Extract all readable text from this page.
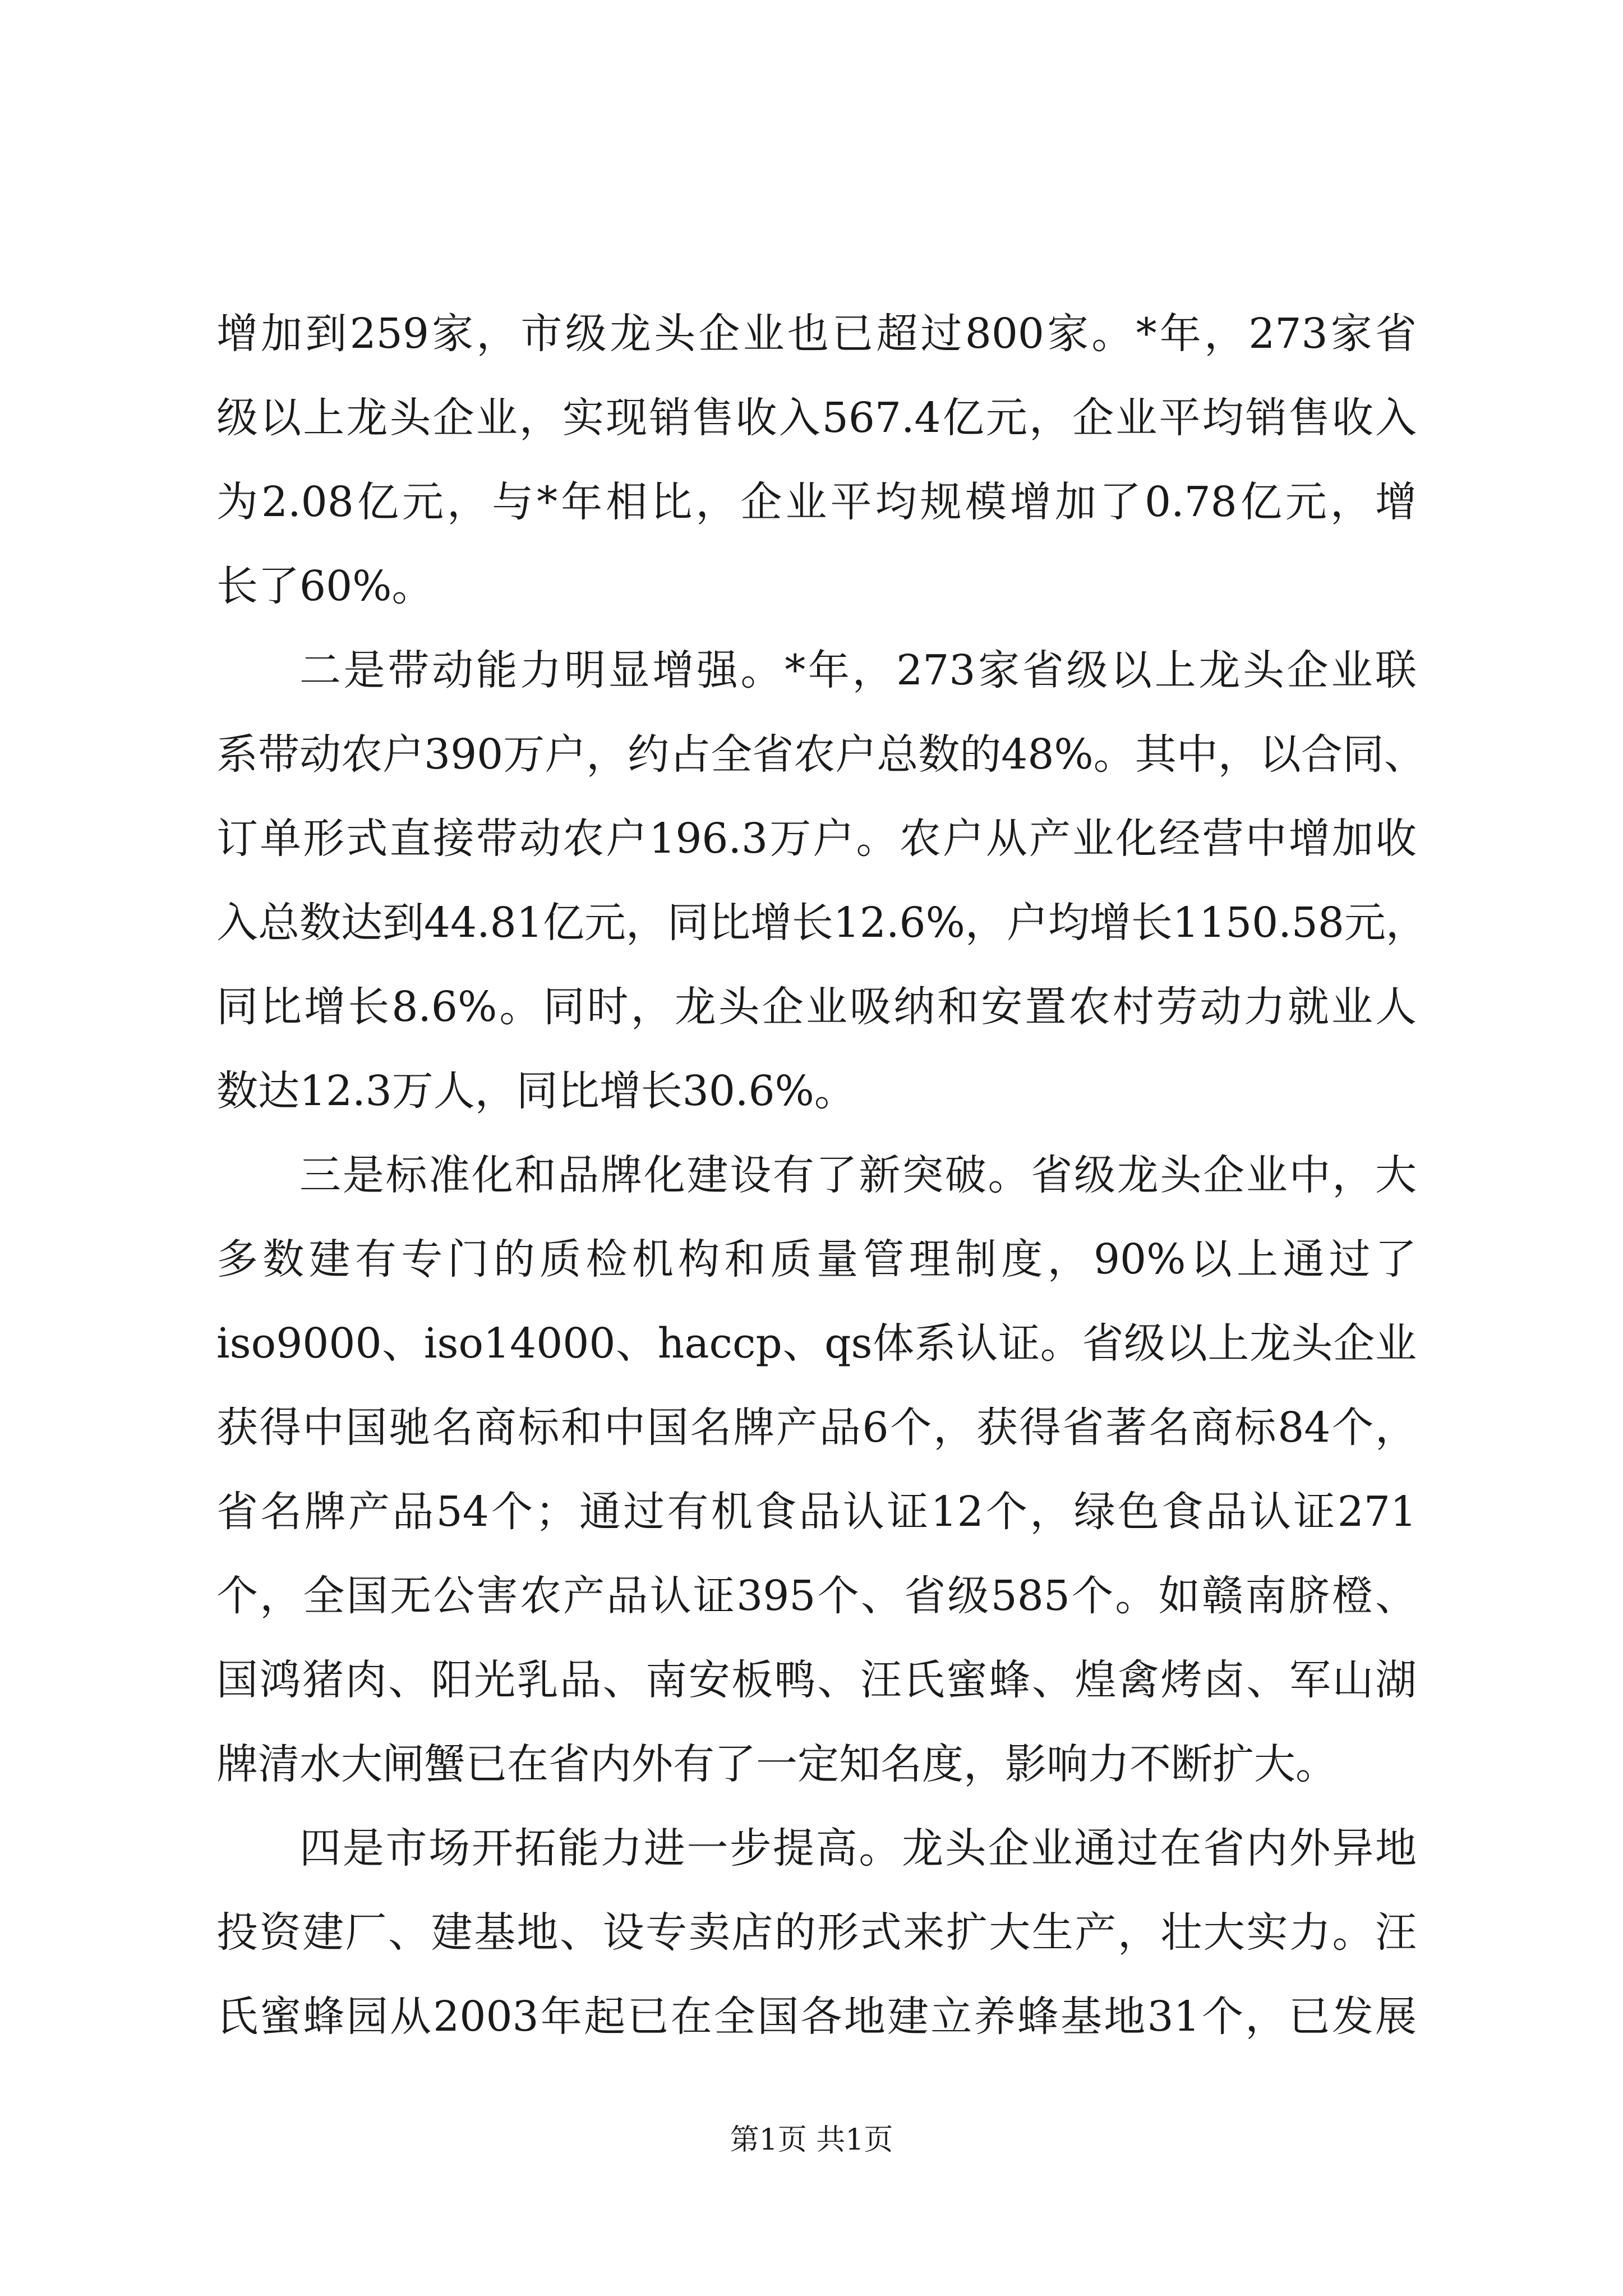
增加到259家，市级龙头企业也已超过800家。*年，273家省
级以上龙头企业，实现销售收入567.4亿元，企业平均销售收入
为2.08亿元，与*年相比，企业平均规模增加了0.78亿元，增
长了60%。
二是带动能力明显增强。*年，273家省级以上龙头企业联
系带动农户390万户，约占全省农户总数的48%。其中，以合同、
订单形式直接带动农户196.3万户。农户从产业化经营中增加收
入总数达到44.81亿元，同比增长12.6%，户均增长1150.58元，
同比增长8.6%。同时，龙头企业吸纳和安置农村劳动力就业人
数达12.3万人，同比增长30.6%。
三是标准化和品牌化建设有了新突破。省级龙头企业中，大
多数建有专门的质检机构和质量管理制度，90%以上通过了
iso9000、iso14000、haccp、qs体系认证。省级以上龙头企业
获得中国驰名商标和中国名牌产品6个，获得省著名商标84个，
省名牌产品54个；通过有机食品认证12个，绿色食品认证271
个，全国无公害农产品认证395个、省级585个。如赣南脐橙、
国鸿猪肉、阳光乳品、南安板鸭、汪氏蜜蜂、煌禽烤卤、军山湖
牌清水大闸蟹已在省内外有了一定知名度，影响力不断扩大。
四是市场开拓能力进一步提高。龙头企业通过在省内外异地
投资建厂、建基地、设专卖店的形式来扩大生产，壮大实力。汪
氏蜜蜂园从2003年起已在全国各地建立养蜂基地31个，已发展
第1页 共1页
